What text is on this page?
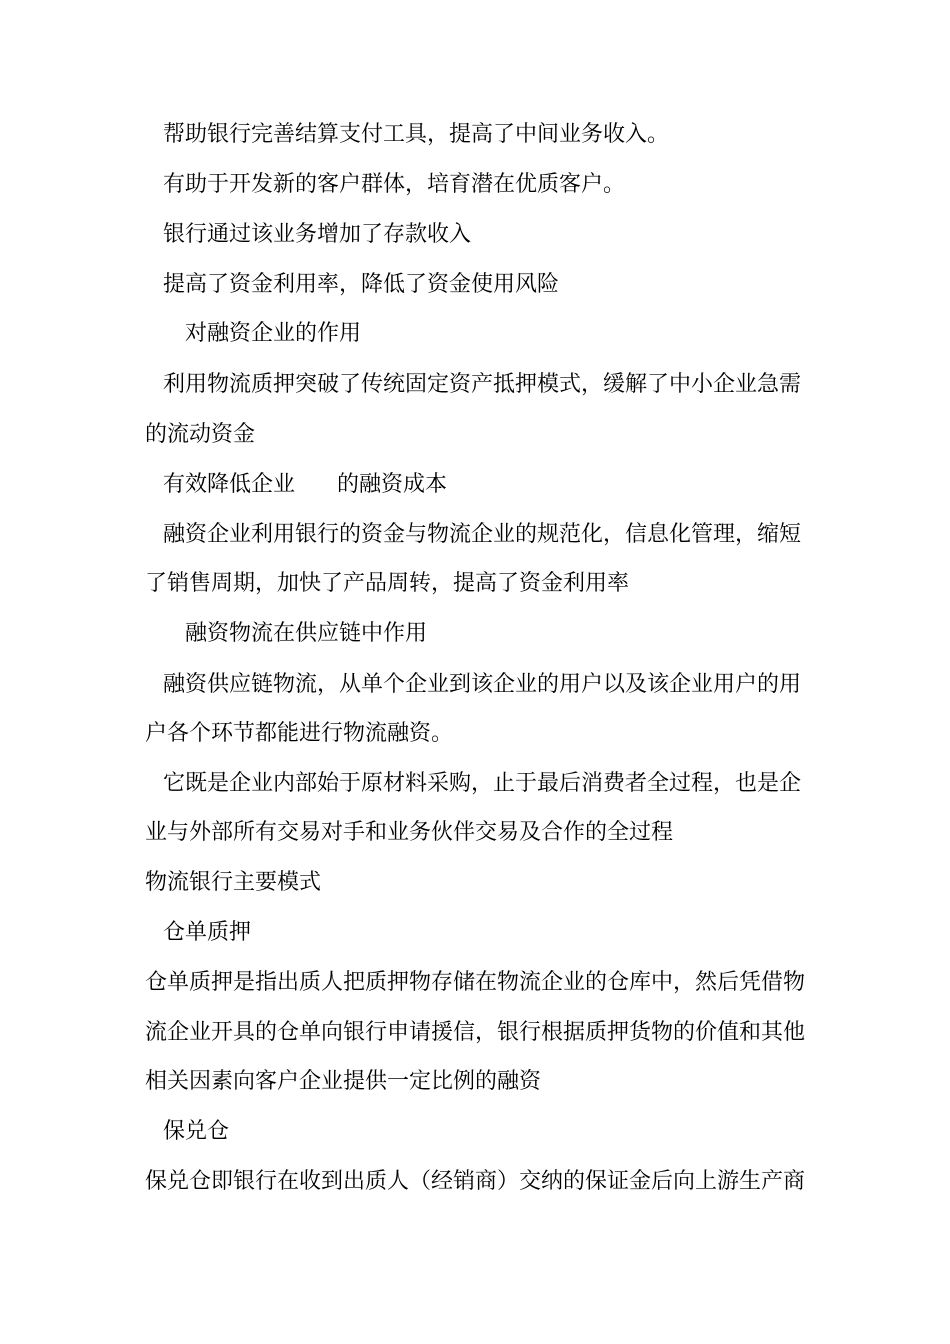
帮助银行完善结算支付工具，提高了中间业务收入。
有助于开发新的客户群体，培育潜在优质客户。
银行通过该业务增加了存款收入
提高了资金利用率，降低了资金使用风险
对融资企业的作用
利用物流质押突破了传统固定资产抵押模式，缓解了中小企业急需
的流动资金
有效降低企业 的融资成本
融资企业利用银行的资金与物流企业的规范化，信息化管理，缩短
了销售周期，加快了产品周转，提高了资金利用率
融资物流在供应链中作用
融资供应链物流，从单个企业到该企业的用户以及该企业用户的用
户各个环节都能进行物流融资。
它既是企业内部始于原材料采购，止于最后消费者全过程，也是企
业与外部所有交易对手和业务伙伴交易及合作的全过程
物流银行主要模式
仓单质押
仓单质押是指出质人把质押物存储在物流企业的仓库中，然后凭借物
流企业开具的仓单向银行申请援信，银行根据质押货物的价值和其他
相关因素向客户企业提供一定比例的融资
保兑仓
保兑仓即银行在收到出质人（经销商）交纳的保证金后向上游生产商
